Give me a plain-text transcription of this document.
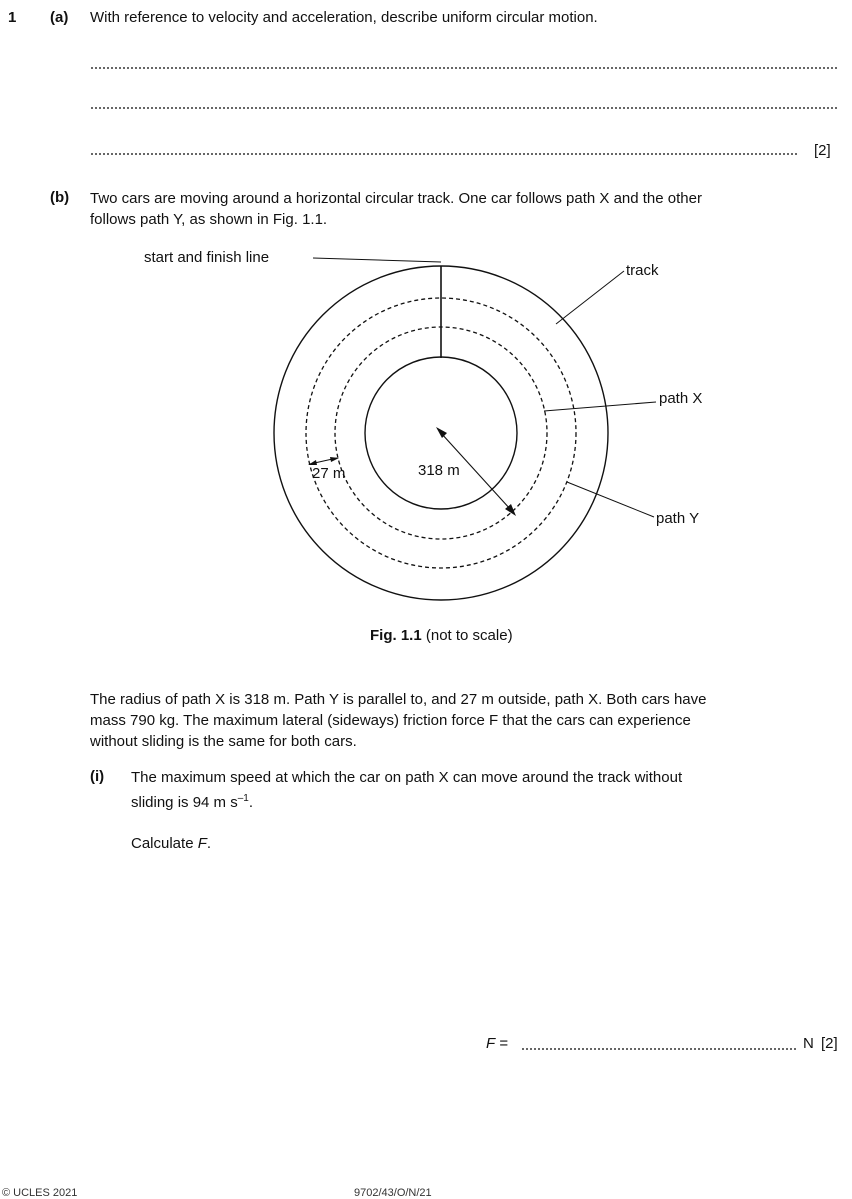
1 (a) With reference to velocity and acceleration, describe uniform circular motion.
[2]
(b) Two cars are moving around a horizontal circular track. One car follows path X and the other
follows path Y, as shown in Fig. 1.1.
start and finish line
track
path X
path Y
27 m	318 m
Fig. 1.1 (not to scale)
The radius of path X is 318 m. Path Y is parallel to, and 27 m outside, path X. Both cars have
mass 790 kg. The maximum lateral (sideways) friction force F that the cars can experience
without sliding is the same for both cars.
(i) The maximum speed at which the car on path X can move around the track without
sliding is 94 m $s^{-1}$.
Calculate F.
F =	N [2]
© UCLES 2021	9702/43/O/N/21
